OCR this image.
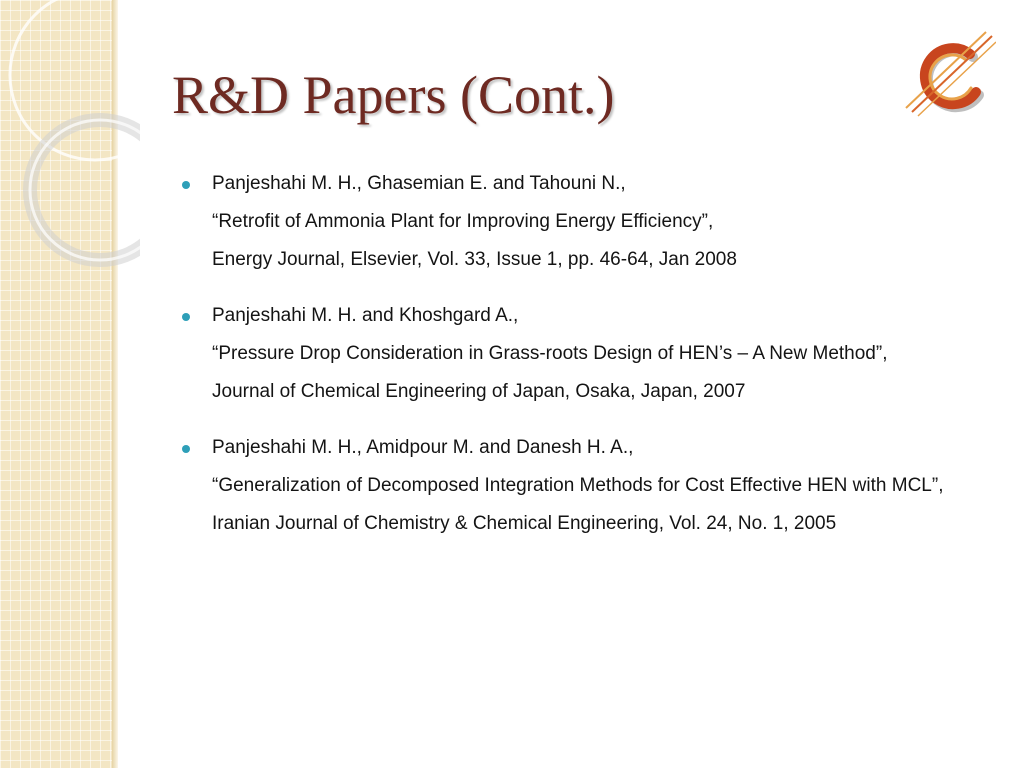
R&D Papers (Cont.)
Panjeshahi M. H., Ghasemian E. and Tahouni N.,
“Retrofit of Ammonia Plant for Improving Energy Efficiency”,
Energy Journal, Elsevier, Vol. 33, Issue 1, pp. 46-64, Jan 2008
Panjeshahi M. H. and Khoshgard A.,
“Pressure Drop Consideration in Grass-roots Design of HEN’s – A New Method”,
Journal of Chemical Engineering of Japan, Osaka, Japan, 2007
Panjeshahi M. H., Amidpour M. and Danesh H. A.,
“Generalization of Decomposed Integration Methods for Cost Effective HEN with MCL”,
Iranian Journal of Chemistry & Chemical Engineering, Vol. 24, No. 1, 2005
